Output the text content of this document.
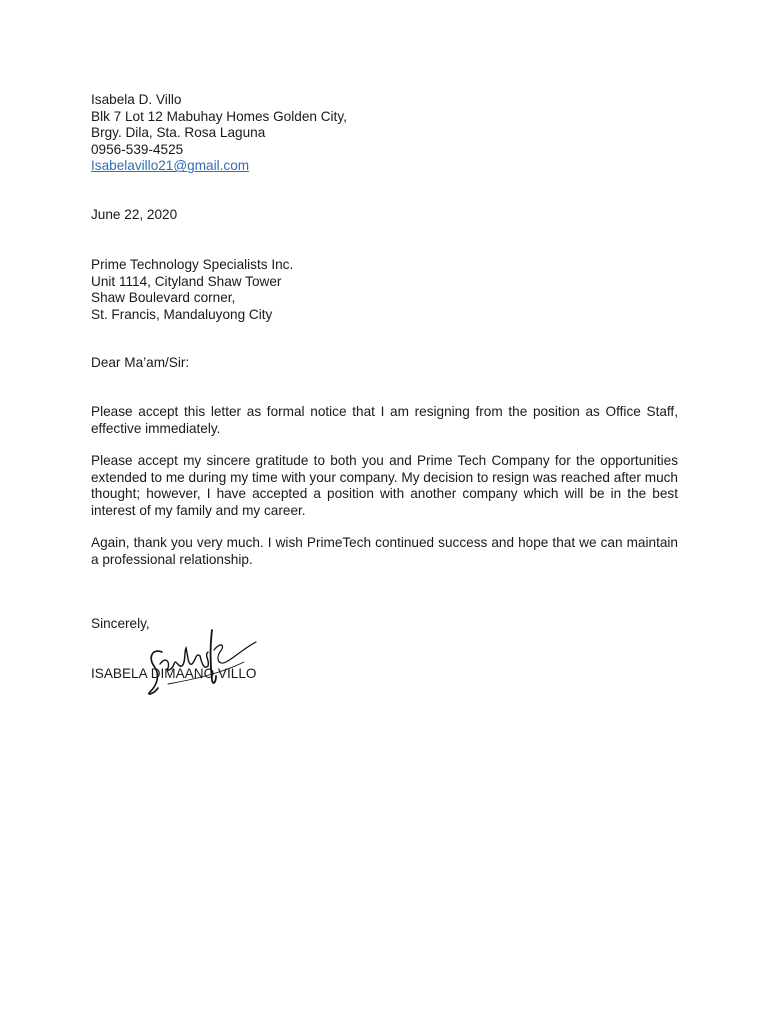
Isabela D. Villo
Blk 7 Lot 12 Mabuhay Homes Golden City,
Brgy. Dila, Sta. Rosa Laguna
0956-539-4525
Isabelavillo21@gmail.com
June 22, 2020
Prime Technology Specialists Inc.
Unit 1114, Cityland Shaw Tower
Shaw Boulevard corner,
St. Francis, Mandaluyong City
Dear Ma’am/Sir:
Please accept this letter as formal notice that I am resigning from the position as Office Staff, effective immediately.
Please accept my sincere gratitude to both you and Prime Tech Company for the opportunities extended to me during my time with your company. My decision to resign was reached after much thought; however, I have accepted a position with another company which will be in the best interest of my family and my career.
Again, thank you very much. I wish PrimeTech continued success and hope that we can maintain a professional relationship.
Sincerely,
ISABELA DIMAANO VILLO
